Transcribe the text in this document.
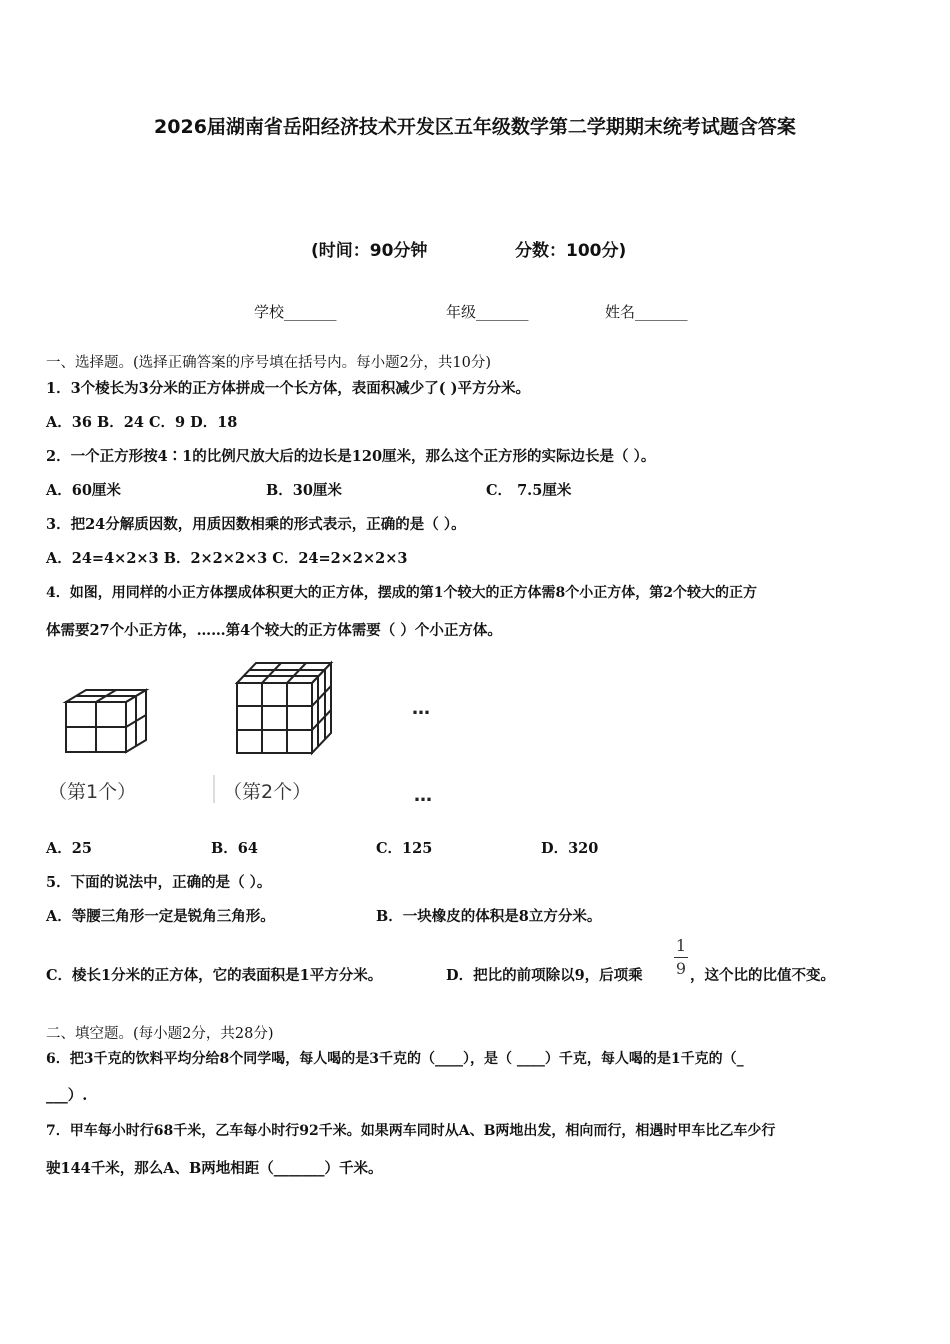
2026届湖南省岳阳经济技术开发区五年级数学第二学期期末统考试题含答案
(时间：90分钟	分数：100分)
学校_______	年级_______	姓名_______
一、选择题。(选择正确答案的序号填在括号内。每小题2分，共10分)
1．3个棱长为3分米的正方体拼成一个长方体，表面积减少了( )平方分米。
A．36 B．24 C．9 D．18
2．一个正方形按4∶1的比例尺放大后的边长是120厘米，那么这个正方形的实际边长是（ ）。
A．60厘米	B．30厘米	C． 7.5厘米
3．把24分解质因数，用质因数相乘的形式表示，正确的是（ ）。
A．24=4×2×3 B．2×2×2×3 C．24=2×2×2×3
4．如图，用同样的小正方体摆成体积更大的正方体，摆成的第1个较大的正方体需8个小正方体，第2个较大的正方
体需要27个小正方体，……第4个较大的正方体需要（ ）个小正方体。
（第1个）	（第2个）
…
…
A．25	B．64	C．125	D．320
5．下面的说法中，正确的是（ ）。
A．等腰三角形一定是锐角三角形。	B．一块橡皮的体积是8立方分米。
C．棱长1分米的正方体，它的表面积是1平方分米。	D．把比的前项除以9，后项乘
1
9 ，这个比的比值不变。
二、填空题。(每小题2分，共28分)
6．把3千克的饮料平均分给8个同学喝，每人喝的是3千克的（____），是（ ____）千克，每人喝的是1千克的（_
___）.
7．甲车每小时行68千米，乙车每小时行92千米。如果两车同时从A、B两地出发，相向而行，相遇时甲车比乙车少行
驶144千米，那么A、B两地相距（_______）千米。
